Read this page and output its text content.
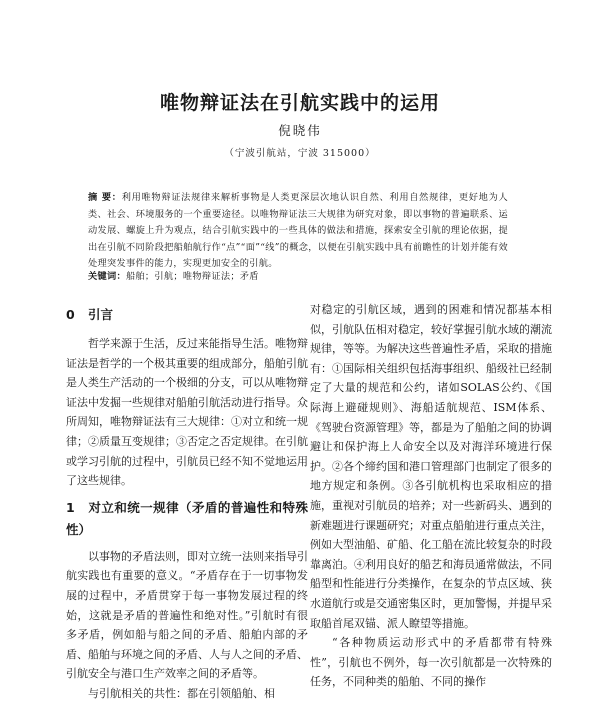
唯物辩证法在引航实践中的运用
倪晓伟
（宁波引航站，宁波 315000）
摘 要：利用唯物辩证法规律来解析事物是人类更深层次地认识自然、利用自然规律，更好地为人类、社会、环境服务的一个重要途径。以唯物辩证法三大规律为研究对象，即以事物的普遍联系、运动发展、螺旋上升为观点，结合引航实践中的一些具体的做法和措施，探索安全引航的理论依据，提出在引航不同阶段把船舶航行作“点”“面”“线”的概念，以便在引航实践中具有前瞻性的计划并能有效处理突发事件的能力，实现更加安全的引航。
关键词：船舶；引航；唯物辩证法；矛盾
0 引言

哲学来源于生活，反过来能指导生活。唯物辩证法是哲学的一个极其重要的组成部分，船舶引航是人类生产活动的一个极细的分支，可以从唯物辩证法中发掘一些规律对船舶引航活动进行指导。众所周知，唯物辩证法有三大规律：①对立和统一规律；②质量互变规律；③否定之否定规律。在引航或学习引航的过程中，引航员已经不知不觉地运用了这些规律。

1 对立和统一规律（矛盾的普遍性和特殊性）

以事物的矛盾法则，即对立统一法则来指导引航实践也有重要的意义。“矛盾存在于一切事物发展的过程中，矛盾贯穿于每一事物发展过程的终始，这就是矛盾的普遍性和绝对性。”引航时有很多矛盾，例如船与船之间的矛盾、船舶内部的矛盾、船舶与环境之间的矛盾、人与人之间的矛盾、引航安全与港口生产效率之间的矛盾等。

与引航相关的共性：都在引领船舶、相

对稳定的引航区域，遇到的困难和情况都基本相似，引航队伍相对稳定，较好掌握引航水域的潮流规律，等等。为解决这些普遍性矛盾，采取的措施有：①国际相关组织包括海事组织、船级社已经制定了大量的规范和公约，诸如SOLAS公约、《国际海上避碰规则》、海船适航规范、ISM体系、《驾驶台资源管理》等，都是为了船舶之间的协调避让和保护海上人命安全以及对海洋环境进行保护。②各个缔约国和港口管理部门也制定了很多的地方规定和条例。③各引航机构也采取相应的措施，重视对引航员的培养；对一些新码头、遇到的新难题进行课题研究；对重点船舶进行重点关注，例如大型油船、矿船、化工船在流比较复杂的时段靠离泊。④利用良好的船艺和海员通常做法，不同船型和性能进行分类操作，在复杂的节点区域、狭水道航行或是交通密集区时，更加警惕，并提早采取船首尾双锚、派人瞭望等措施。

“各种物质运动形式中的矛盾都带有特殊性”，引航也不例外，每一次引航都是一次特殊的任务，不同种类的船舶、不同的操作
